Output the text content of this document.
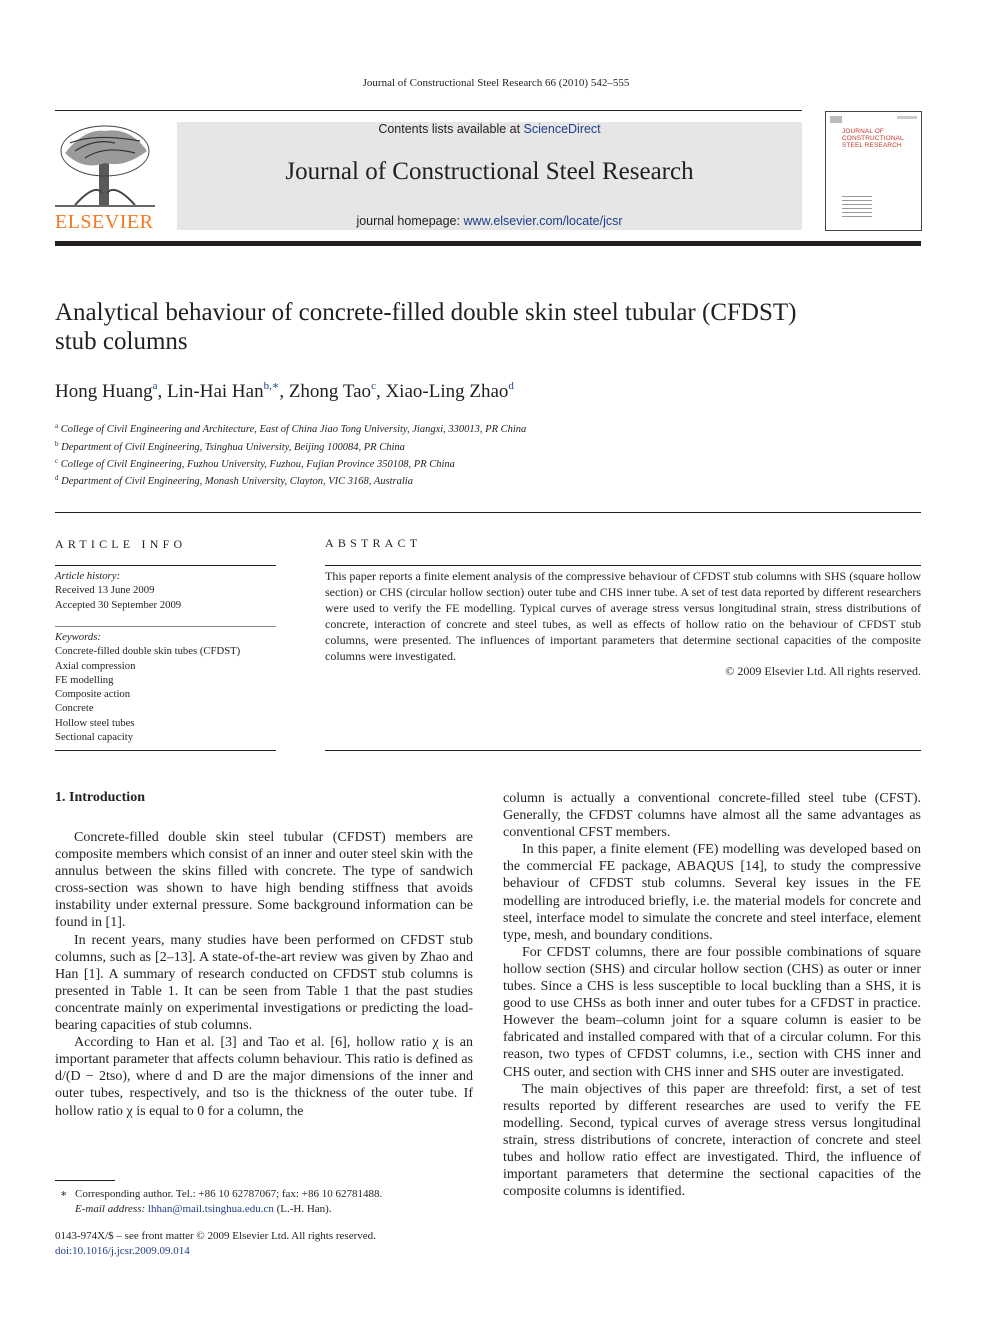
Journal of Constructional Steel Research 66 (2010) 542–555
ELSEVIER
Contents lists available at ScienceDirect
Journal of Constructional Steel Research
journal homepage: www.elsevier.com/locate/jcsr
JOURNAL OF
CONSTRUCTIONAL
STEEL RESEARCH
Analytical behaviour of concrete-filled double skin steel tubular (CFDST)
stub columns
Hong Huang$^a$, Lin-Hai Han$^{b,∗}$, Zhong Tao$^c$, Xiao-Ling Zhao$^d$
$^a$ College of Civil Engineering and Architecture, East of China Jiao Tong University, Jiangxi, 330013, PR China
$^b$ Department of Civil Engineering, Tsinghua University, Beijing 100084, PR China
$^c$ College of Civil Engineering, Fuzhou University, Fuzhou, Fujian Province 350108, PR China
$^d$ Department of Civil Engineering, Monash University, Clayton, VIC 3168, Australia
ARTICLE INFO
Article history:
Received 13 June 2009
Accepted 30 September 2009
Keywords:
Concrete-filled double skin tubes (CFDST)
Axial compression
FE modelling
Composite action
Concrete
Hollow steel tubes
Sectional capacity
ABSTRACT
This paper reports a finite element analysis of the compressive behaviour of CFDST stub columns with SHS (square hollow section) or CHS (circular hollow section) outer tube and CHS inner tube. A set of test data reported by different researchers were used to verify the FE modelling. Typical curves of average stress versus longitudinal strain, stress distributions of concrete, interaction of concrete and steel tubes, as well as effects of hollow ratio on the behaviour of CFDST stub columns, were presented. The influences of important parameters that determine sectional capacities of the composite columns were investigated.
© 2009 Elsevier Ltd. All rights reserved.
1. Introduction

Concrete-filled double skin steel tubular (CFDST) members are composite members which consist of an inner and outer steel skin with the annulus between the skins filled with concrete. The type of sandwich cross-section was shown to have high bending stiffness that avoids instability under external pressure. Some background information can be found in [1].

In recent years, many studies have been performed on CFDST stub columns, such as [2–13]. A state-of-the-art review was given by Zhao and Han [1]. A summary of research conducted on CFDST stub columns is presented in Table 1. It can be seen from Table 1 that the past studies concentrate mainly on experimental investigations or predicting the load-bearing capacities of stub columns.

According to Han et al. [3] and Tao et al. [6], hollow ratio χ is an important parameter that affects column behaviour. This ratio is defined as d/(D − 2tso), where d and D are the major dimensions of the inner and outer tubes, respectively, and tso is the thickness of the outer tube. If hollow ratio χ is equal to 0 for a column, the

column is actually a conventional concrete-filled steel tube (CFST). Generally, the CFDST columns have almost all the same advantages as conventional CFST members.

In this paper, a finite element (FE) modelling was developed based on the commercial FE package, ABAQUS [14], to study the compressive behaviour of CFDST stub columns. Several key issues in the FE modelling are introduced briefly, i.e. the material models for concrete and steel, interface model to simulate the concrete and steel interface, element type, mesh, and boundary conditions.

For CFDST columns, there are four possible combinations of square hollow section (SHS) and circular hollow section (CHS) as outer or inner tubes. Since a CHS is less susceptible to local buckling than a SHS, it is good to use CHSs as both inner and outer tubes for a CFDST in practice. However the beam–column joint for a square column is easier to be fabricated and installed compared with that of a circular column. For this reason, two types of CFDST columns, i.e., section with CHS inner and CHS outer, and section with CHS inner and SHS outer are investigated.

The main objectives of this paper are threefold: first, a set of test results reported by different researches are used to verify the FE modelling. Second, typical curves of average stress versus longitudinal strain, stress distributions of concrete, interaction of concrete and steel tubes and hollow ratio effect are investigated. Third, the influence of important parameters that determine the sectional capacities of the composite columns is identified.

∗ Corresponding author. Tel.: +86 10 62787067; fax: +86 10 62781488.
E-mail address: lhhan@mail.tsinghua.edu.cn (L.-H. Han).
0143-974X/$ – see front matter © 2009 Elsevier Ltd. All rights reserved.
doi:10.1016/j.jcsr.2009.09.014
